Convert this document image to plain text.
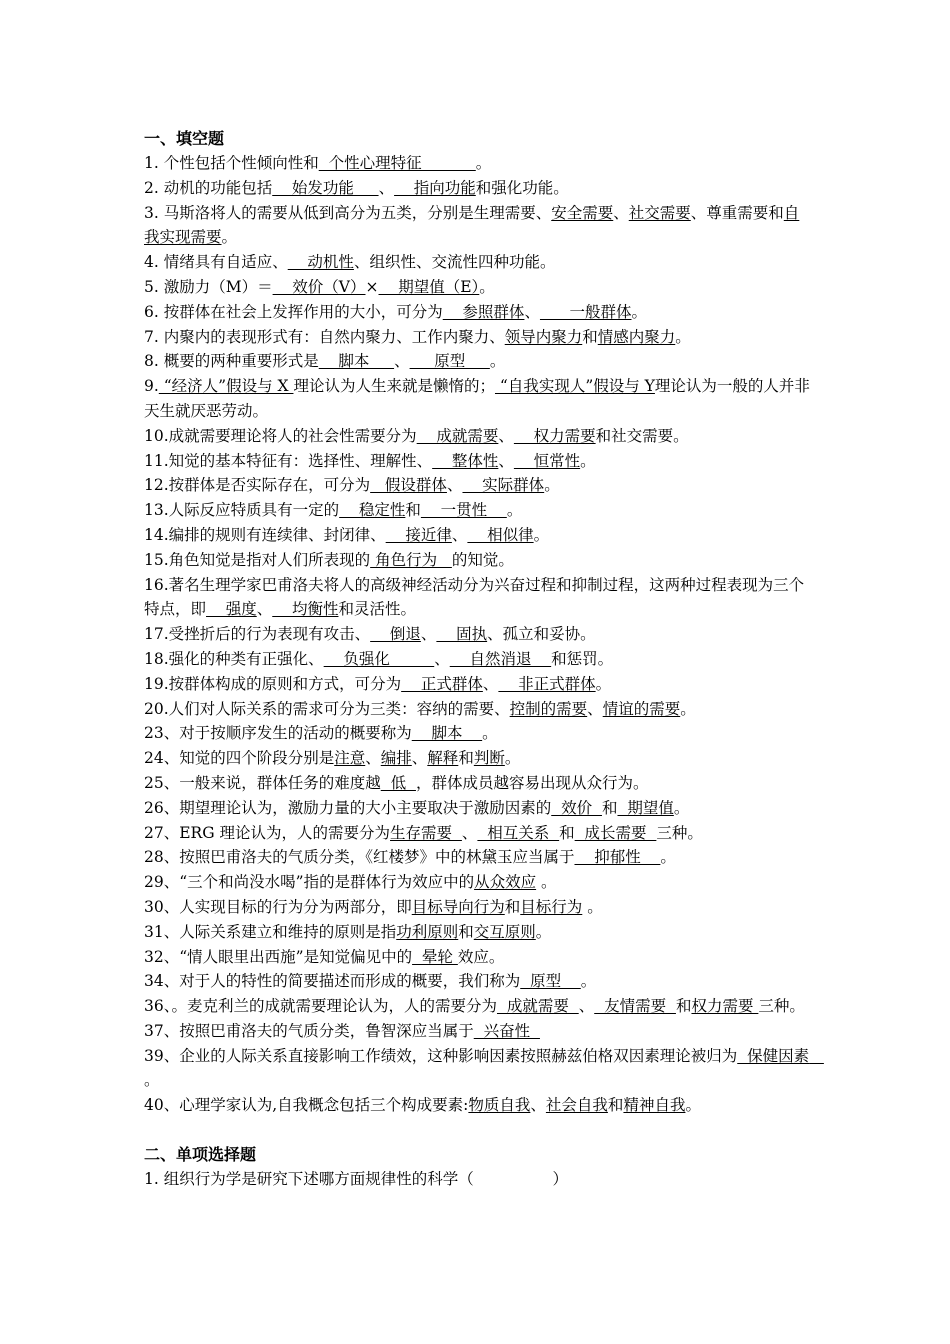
一、填空题
1. 个性包括个性倾向性和  个性心理特征           。
2. 动机的功能包括    始发功能     、    指向功能和强化功能。
3. 马斯洛将人的需要从低到高分为五类，分别是生理需要、安全需要、社交需要、尊重需要和自我实现需要。
4. 情绪具有自适应、    动机性、组织性、交流性四种功能。
5. 激励力（M）＝    效价（V）×    期望值（E）。
6. 按群体在社会上发挥作用的大小，可分为    参照群体、      一般群体。
7. 内聚内的表现形式有：自然内聚力、工作内聚力、领导内聚力和情感内聚力。
8. 概要的两种重要形式是    脚本     、     原型     。
9. “经济人”假设与 X 理论认为人生来就是懒惰的； “自我实现人”假设与 Y理论认为一般的人并非天生就厌恶劳动。
10.成就需要理论将人的社会性需要分为    成就需要、    权力需要和社交需要。
11.知觉的基本特征有：选择性、理解性、    整体性、    恒常性。
12.按群体是否实际存在，可分为   假设群体、    实际群体。
13.人际反应特质具有一定的    稳定性和    一贯性    。
14.编排的规则有连续律、封闭律、    接近律、    相似律。
15.角色知觉是指对人们所表现的 角色行为   的知觉。
16.著名生理学家巴甫洛夫将人的高级神经活动分为兴奋过程和抑制过程，这两种过程表现为三个特点，即    强度、    均衡性和灵活性。
17.受挫折后的行为表现有攻击、    倒退、    固执、孤立和妥协。
18.强化的种类有正强化、    负强化         、    自然消退    和惩罚。
19.按群体构成的原则和方式，可分为    正式群体、    非正式群体。
20.人们对人际关系的需求可分为三类：容纳的需要、控制的需要、情谊的需要。
23、对于按顺序发生的活动的概要称为    脚本    。
24、知觉的四个阶段分别是注意、编排、解释和判断。
25、一般来说，群体任务的难度越  低  ，群体成员越容易出现从众行为。
26、期望理论认为，激励力量的大小主要取决于激励因素的  效价  和  期望值。
27、ERG 理论认为，人的需要分为生存需要  、  相互关系  和  成长需要  三种。
28、按照巴甫洛夫的气质分类，《红楼梦》中的林黛玉应当属于    抑郁性    。
29、“三个和尚没水喝”指的是群体行为效应中的从众效应 。
30、人实现目标的行为分为两部分，即目标导向行为和目标行为 。
31、人际关系建立和维持的原则是指功利原则和交互原则。
32、“情人眼里出西施”是知觉偏见中的  晕轮 效应。
34、对于人的特性的简要描述而形成的概要，我们称为  原型    。
36、。麦克利兰的成就需要理论认为，人的需要分为  成就需要  、  友情需要  和权力需要 三种。
37、按照巴甫洛夫的气质分类，鲁智深应当属于  兴奋性
39、企业的人际关系直接影响工作绩效，这种影响因素按照赫兹伯格双因素理论被归为  保健因素   。
40、心理学家认为,自我概念包括三个构成要素:物质自我、社会自我和精神自我。
二、单项选择题
1. 组织行为学是研究下述哪方面规律性的科学（                ）
